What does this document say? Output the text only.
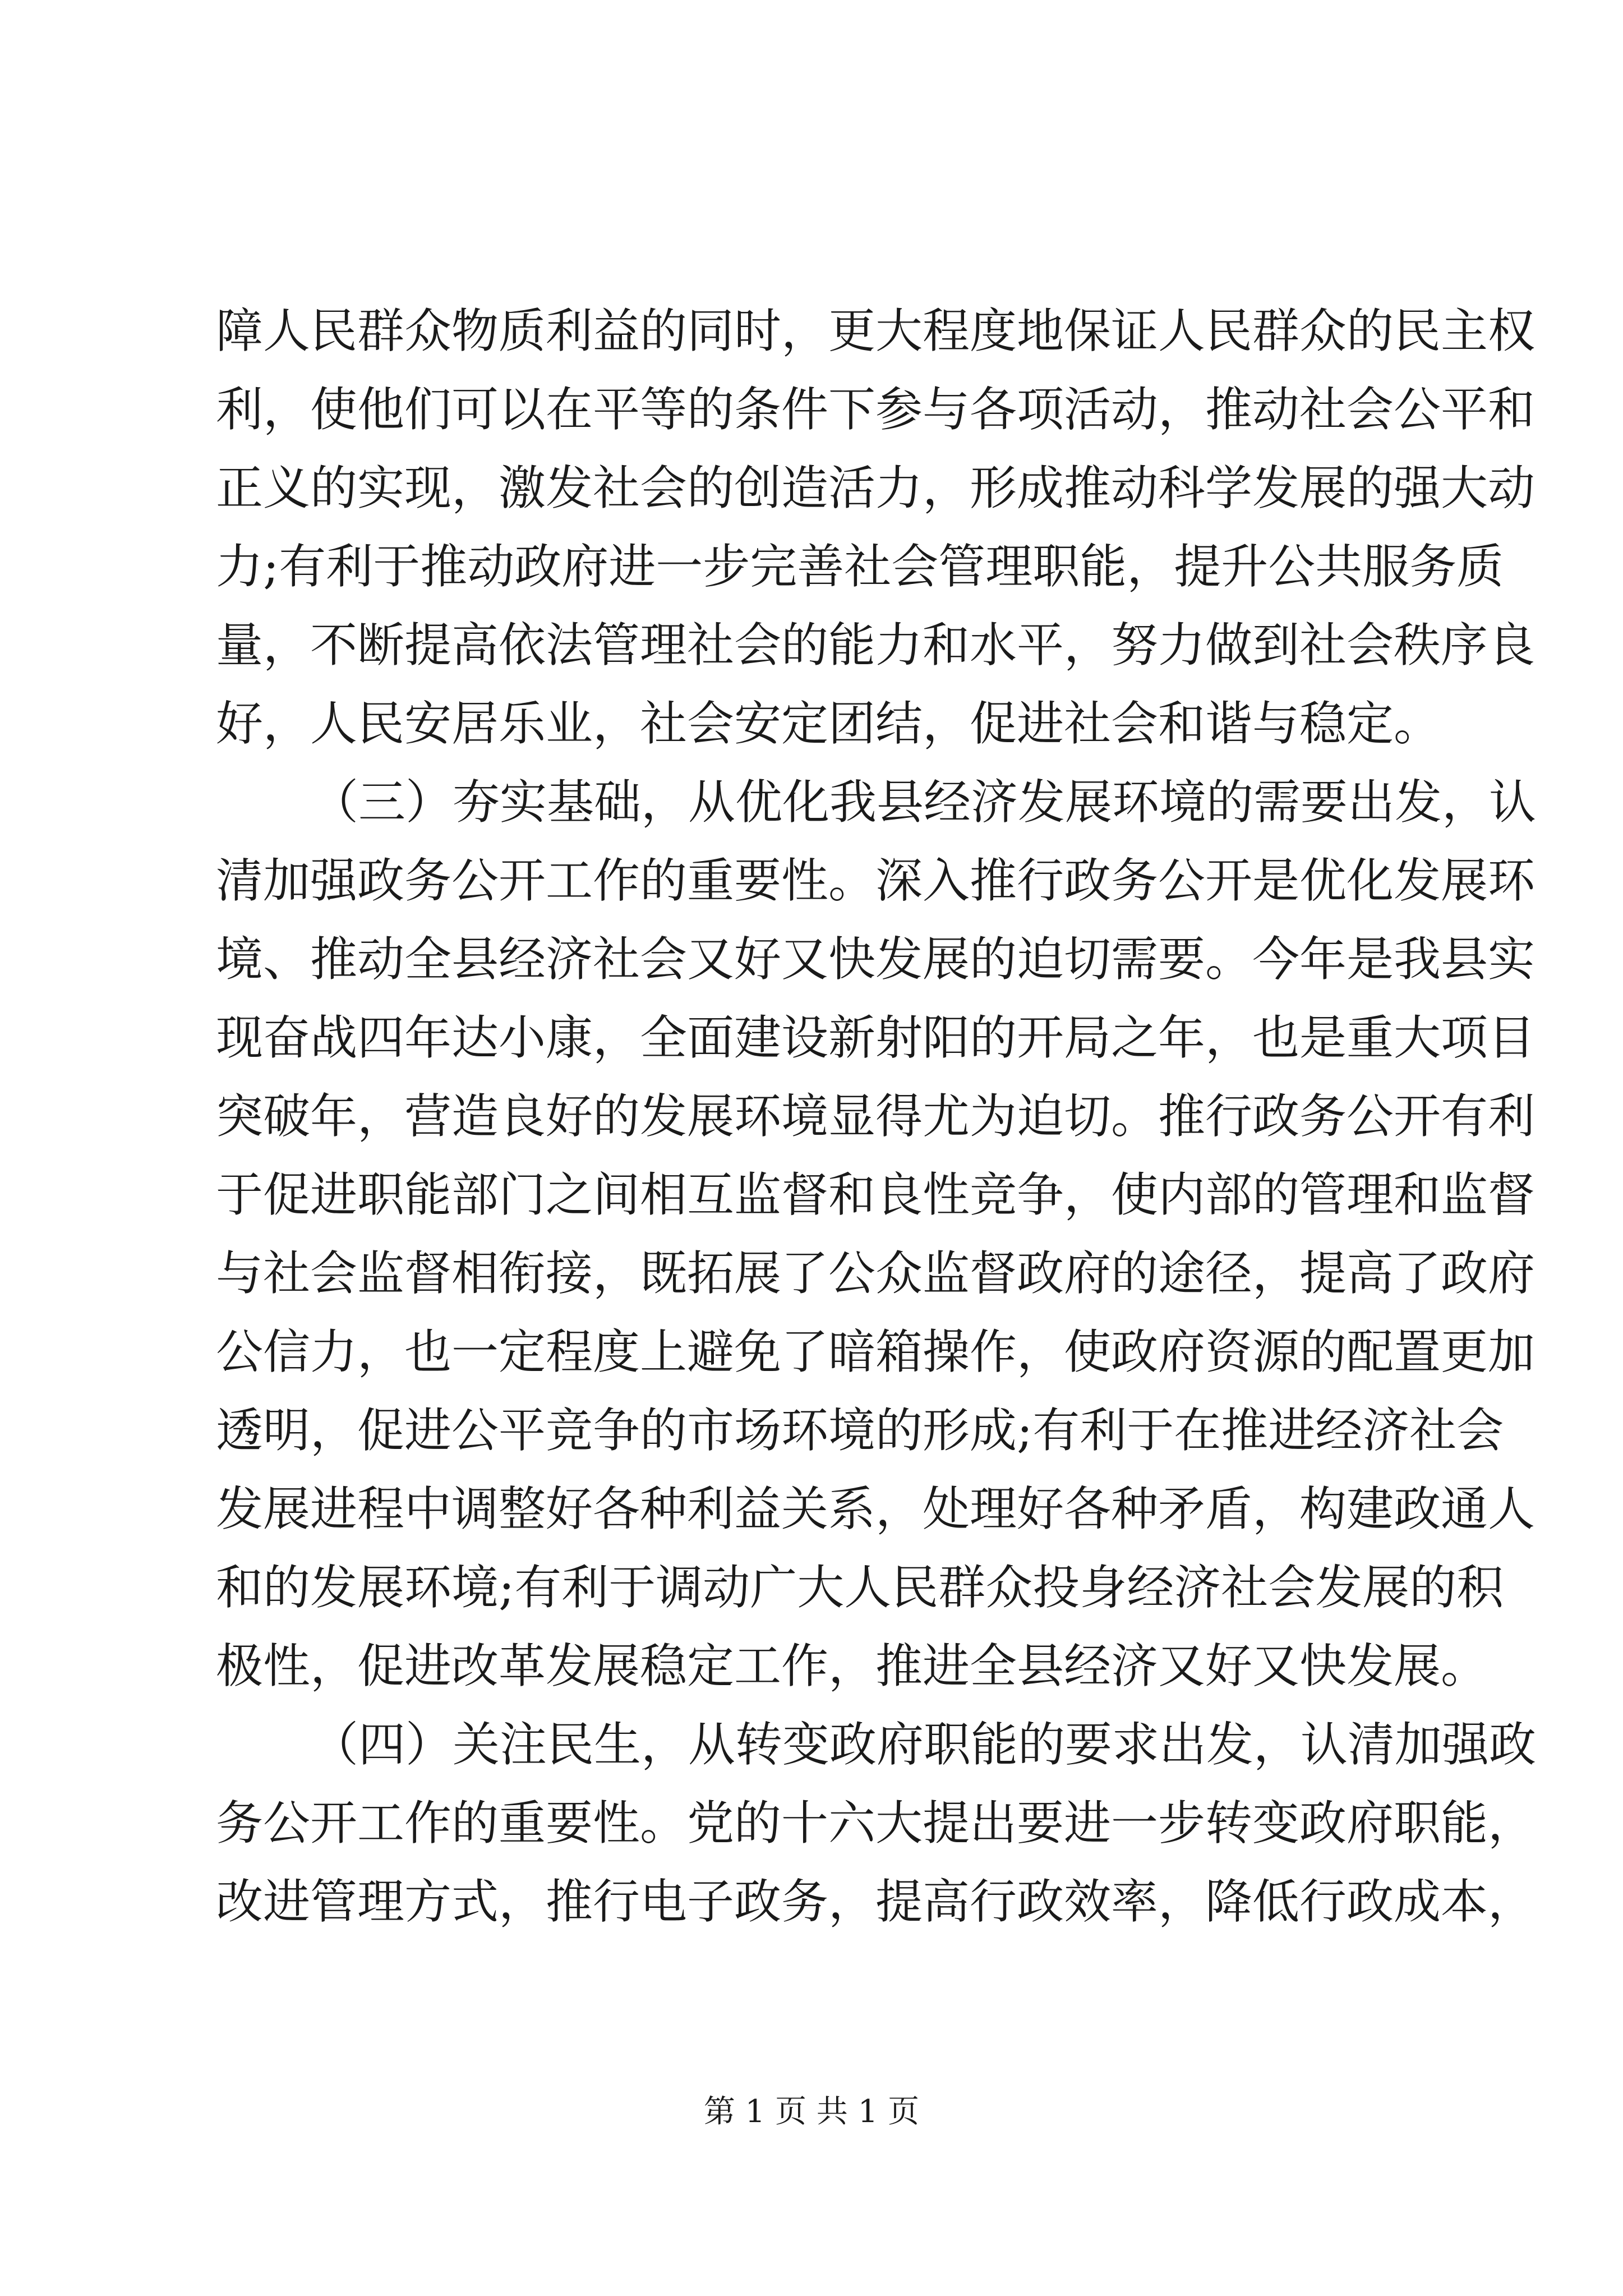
障人民群众物质利益的同时，更大程度地保证人民群众的民主权
利，使他们可以在平等的条件下参与各项活动，推动社会公平和
正义的实现，激发社会的创造活力，形成推动科学发展的强大动
力;有利于推动政府进一步完善社会管理职能，提升公共服务质
量，不断提高依法管理社会的能力和水平，努力做到社会秩序良
好，人民安居乐业，社会安定团结，促进社会和谐与稳定。
（三）夯实基础，从优化我县经济发展环境的需要出发，认
清加强政务公开工作的重要性。深入推行政务公开是优化发展环
境、推动全县经济社会又好又快发展的迫切需要。今年是我县实
现奋战四年达小康，全面建设新射阳的开局之年，也是重大项目
突破年，营造良好的发展环境显得尤为迫切。推行政务公开有利
于促进职能部门之间相互监督和良性竞争，使内部的管理和监督
与社会监督相衔接，既拓展了公众监督政府的途径，提高了政府
公信力，也一定程度上避免了暗箱操作，使政府资源的配置更加
透明，促进公平竞争的市场环境的形成;有利于在推进经济社会
发展进程中调整好各种利益关系，处理好各种矛盾，构建政通人
和的发展环境;有利于调动广大人民群众投身经济社会发展的积
极性，促进改革发展稳定工作，推进全县经济又好又快发展。
（四）关注民生，从转变政府职能的要求出发，认清加强政
务公开工作的重要性。党的十六大提出要进一步转变政府职能，
改进管理方式，推行电子政务，提高行政效率，降低行政成本，
第 1 页 共 1 页
